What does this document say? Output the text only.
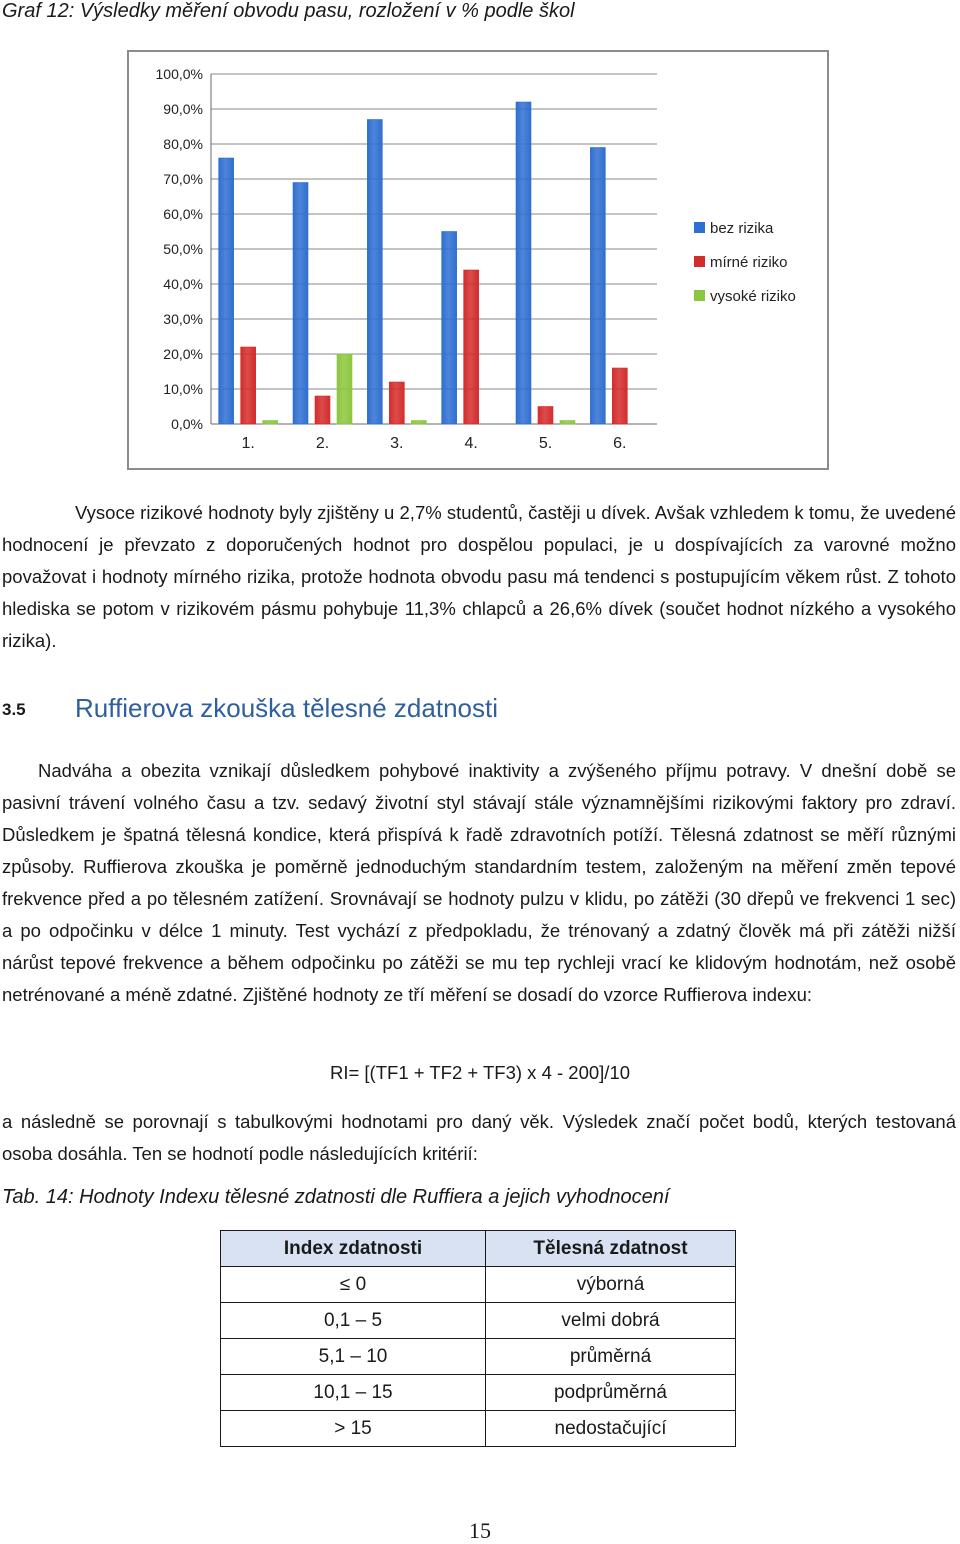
Graf 12: Výsledky měření obvodu pasu, rozložení v % podle škol
0,0%
10,0%
20,0%
30,0%
40,0%
50,0%
60,0%
70,0%
80,0%
90,0%
100,0%
1.	2.	3.	4.	5.	6.
bez rizika
mírné riziko
vysoké riziko
Vysoce rizikové hodnoty byly zjištěny u 2,7% studentů, častěji u dívek. Avšak vzhledem k tomu, že uvedené hodnocení je převzato z doporučených hodnot pro dospělou populaci, je u dospívajících za varovné možno považovat i hodnoty mírného rizika, protože hodnota obvodu pasu má tendenci s postupujícím věkem růst. Z tohoto hlediska se potom v rizikovém pásmu pohybuje 11,3% chlapců a 26,6% dívek (součet hodnot nízkého a vysokého rizika).
3.5 Ruffierova zkouška tělesné zdatnosti
Nadváha a obezita vznikají důsledkem pohybové inaktivity a zvýšeného příjmu potravy. V dnešní době se pasivní trávení volného času a tzv. sedavý životní styl stávají stále významnějšími rizikovými faktory pro zdraví. Důsledkem je špatná tělesná kondice, která přispívá k řadě zdravotních potíží. Tělesná zdatnost se měří různými způsoby. Ruffierova zkouška je poměrně jednoduchým standardním testem, založeným na měření změn tepové frekvence před a po tělesném zatížení. Srovnávají se hodnoty pulzu v klidu, po zátěži (30 dřepů ve frekvenci 1 sec) a po odpočinku v délce 1 minuty. Test vychází z předpokladu, že trénovaný a zdatný člověk má při zátěži nižší nárůst tepové frekvence a během odpočinku po zátěži se mu tep rychleji vrací ke klidovým hodnotám, než osobě netrénované a méně zdatné. Zjištěné hodnoty ze tří měření se dosadí do vzorce Ruffierova indexu:
RI= [(TF1 + TF2 + TF3) x 4 - 200]/10
a následně se porovnají s tabulkovými hodnotami pro daný věk. Výsledek značí počet bodů, kterých testovaná osoba dosáhla. Ten se hodnotí podle následujících kritérií:
Tab. 14: Hodnoty Indexu tělesné zdatnosti dle Ruffiera a jejich vyhodnocení
Index zdatnosti	Tělesná zdatnost
≤ 0	výborná
0,1 – 5	velmi dobrá
5,1 – 10	průměrná
10,1 – 15	podprůměrná
> 15	nedostačující
15
